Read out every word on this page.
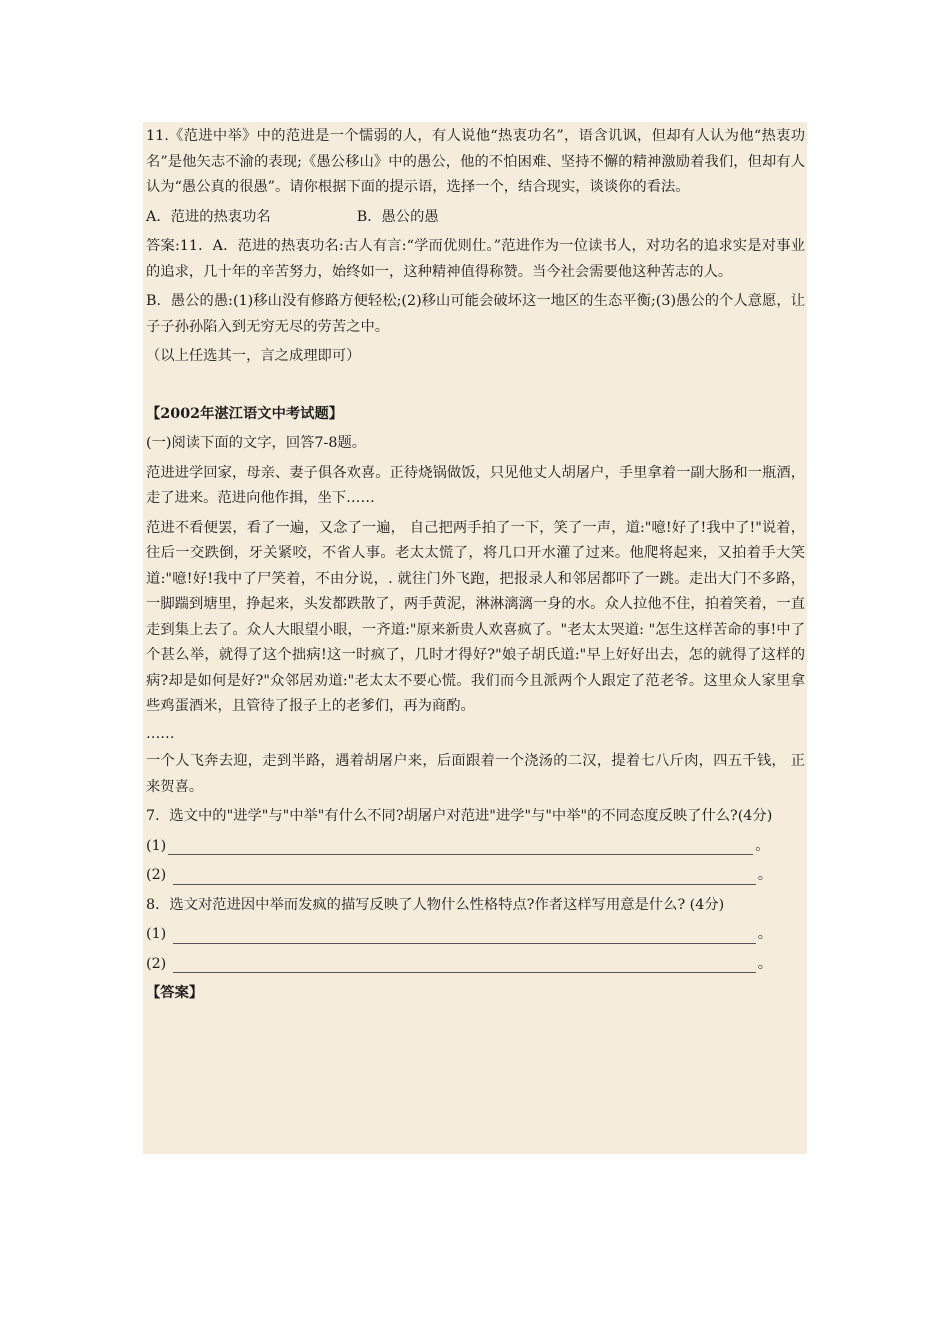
11.《范进中举》中的范进是一个懦弱的人，有人说他“热衷功名”，语含讥讽，但却有人认为他“热衷功名”是他矢志不渝的表现;《愚公移山》中的愚公，他的不怕困难、坚持不懈的精神激励着我们，但却有人认为“愚公真的很愚”。请你根据下面的提示语，选择一个，结合现实，谈谈你的看法。

A．范进的热衷功名	B．愚公的愚

答案:11．A．范进的热衷功名:古人有言:“学而优则仕。”范进作为一位读书人，对功名的追求实是对事业的追求，几十年的辛苦努力，始终如一，这种精神值得称赞。当今社会需要他这种苦志的人。

B．愚公的愚:(1)移山没有修路方便轻松;(2)移山可能会破坏这一地区的生态平衡;(3)愚公的个人意愿，让子子孙孙陷入到无穷无尽的劳苦之中。

（以上任选其一，言之成理即可）

【2002年湛江语文中考试题】

(一)阅读下面的文字，回答7-8题。

范进进学回家，母亲、妻子俱各欢喜。正待烧锅做饭，只见他丈人胡屠户，手里拿着一副大肠和一瓶酒，走了进来。范进向他作揖，坐下……

范进不看便罢，看了一遍，又念了一遍， 自己把两手拍了一下，笑了一声，道:"噫!好了!我中了!"说着，往后一交跌倒，牙关紧咬，不省人事。老太太慌了，将几口开水灌了过来。他爬将起来，又拍着手大笑道:"噫!好!我中了尸笑着，不由分说，. 就往门外飞跑，把报录人和邻居都吓了一跳。走出大门不多路，一脚踹到塘里，挣起来，头发都跌散了，两手黄泥，淋淋漓漓一身的水。众人拉他不住，拍着笑着，一直走到集上去了。众人大眼望小眼，一齐道:"原来新贵人欢喜疯了。"老太太哭道: "怎生这样苦命的事!中了个甚么举，就得了这个拙病!这一时疯了，几时才得好?"娘子胡氏道:"早上好好出去，怎的就得了这样的病?却是如何是好?"众邻居劝道:"老太太不要心慌。我们而今且派两个人跟定了范老爷。这里众人家里拿些鸡蛋酒米，且管待了报子上的老爹们，再为商酌。

……

一个人飞奔去迎，走到半路，遇着胡屠户来，后面跟着一个浇汤的二汉，提着七八斤肉，四五千钱， 正来贺喜。

7．选文中的"进学"与"中举"有什么不同?胡屠户对范进"进学"与"中举"的不同态度反映了什么?(4分)

(1)	。
(2)	。

8．选文对范进因中举而发疯的描写反映了人物什么性格特点?作者这样写用意是什么? (4分)

(1)	。
(2)	。

【答案】
